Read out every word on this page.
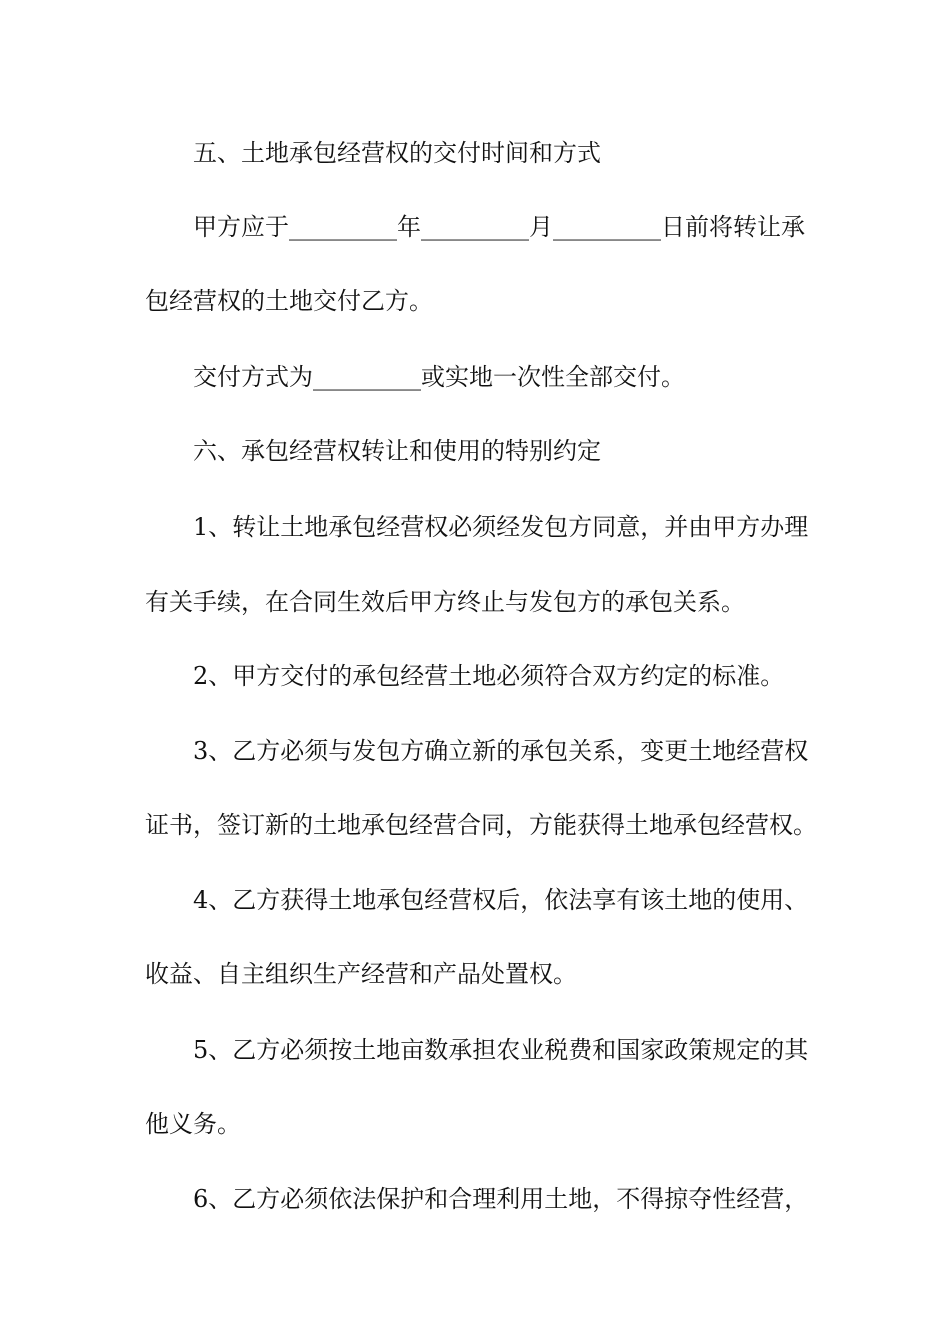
五、土地承包经营权的交付时间和方式
甲方应于_________年_________月_________日前将转让承
包经营权的土地交付乙方。
交付方式为_________或实地一次性全部交付。
六、承包经营权转让和使用的特别约定
1、转让土地承包经营权必须经发包方同意，并由甲方办理
有关手续，在合同生效后甲方终止与发包方的承包关系。
2、甲方交付的承包经营土地必须符合双方约定的标准。
3、乙方必须与发包方确立新的承包关系，变更土地经营权
证书，签订新的土地承包经营合同，方能获得土地承包经营权。
4、乙方获得土地承包经营权后，依法享有该土地的使用、
收益、自主组织生产经营和产品处置权。
5、乙方必须按土地亩数承担农业税费和国家政策规定的其
他义务。
6、乙方必须依法保护和合理利用土地，不得掠夺性经营，
